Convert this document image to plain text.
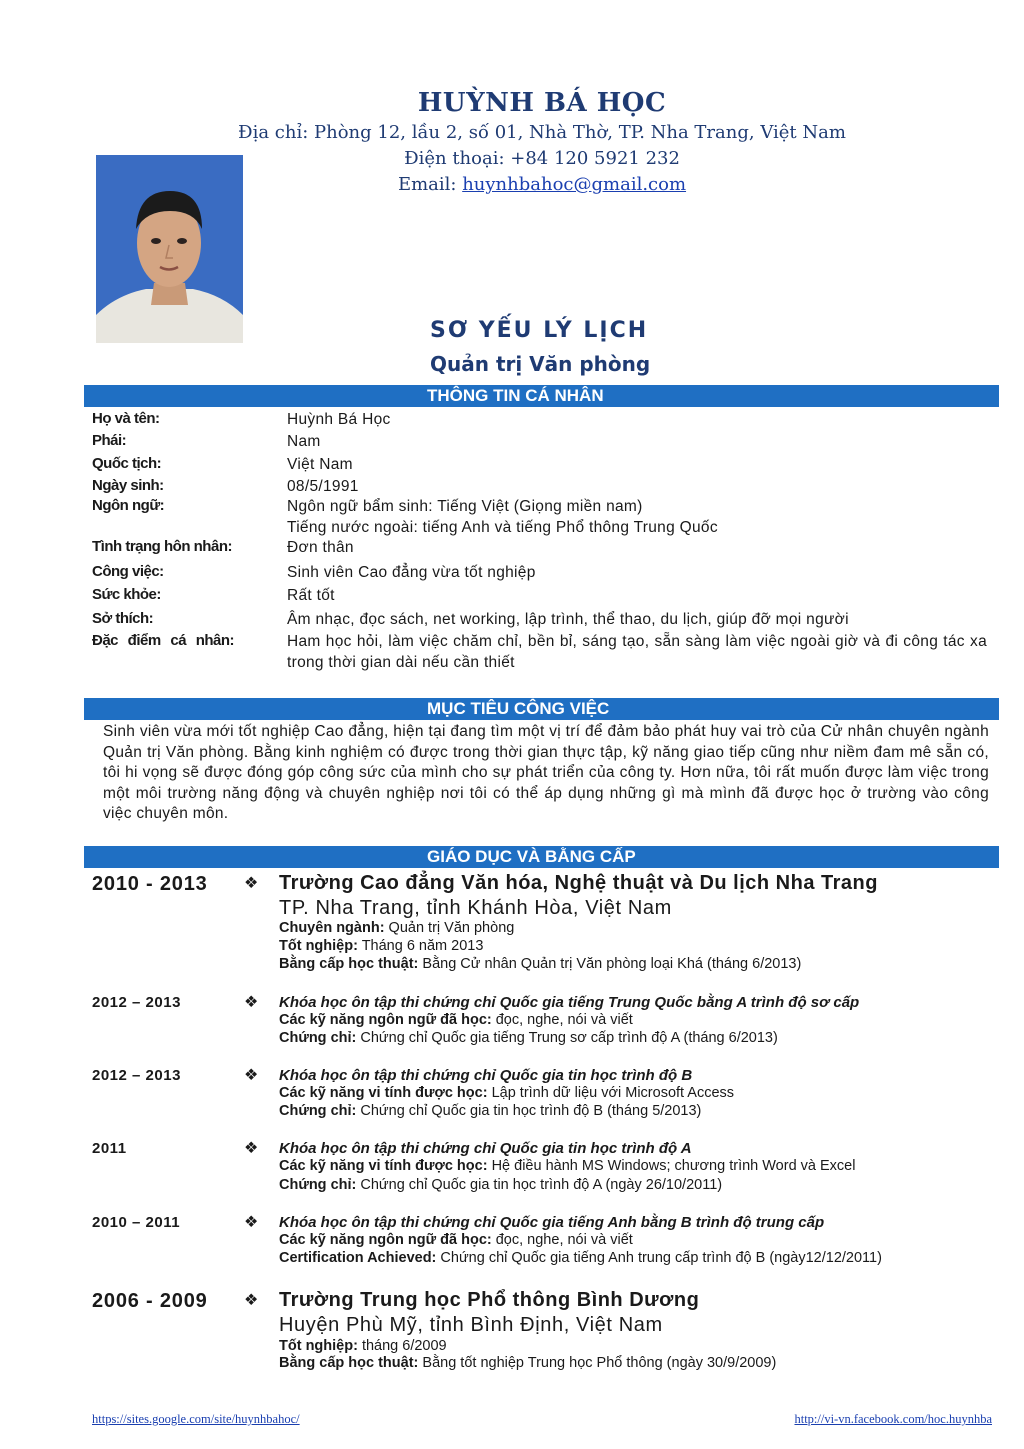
HUỲNH BÁ HỌC
Địa chỉ: Phòng 12, lầu 2, số 01, Nhà Thờ, TP. Nha Trang, Việt Nam
Điện thoại: +84 120 5921 232
Email: huynhbahoc@gmail.com
SƠ YẾU LÝ LỊCH
Quản trị Văn phòng
THÔNG TIN CÁ NHÂN
Họ và tên:	Huỳnh Bá Học
Phái:	Nam
Quốc tịch:	Việt Nam
Ngày sinh:	08/5/1991
Ngôn ngữ:	Ngôn ngữ bẩm sinh: Tiếng Việt (Giọng miền nam)
Tiếng nước ngoài: tiếng Anh và tiếng Phổ thông Trung Quốc
Tình trạng hôn nhân:	Đơn thân
Công việc:	Sinh viên Cao đẳng vừa tốt nghiệp
Sức khỏe:	Rất tốt
Sở thích:	Âm nhạc, đọc sách, net working, lập trình, thể thao, du lịch, giúp đỡ mọi người
Đặc điểm cá nhân:	Ham học hỏi, làm việc chăm chỉ, bền bỉ, sáng tạo, sẵn sàng làm việc ngoài giờ và đi công tác xa trong thời gian dài nếu cần thiết
MỤC TIÊU CÔNG VIỆC
Sinh viên vừa mới tốt nghiệp Cao đẳng, hiện tại đang tìm một vị trí để đảm bảo phát huy vai trò của Cử nhân chuyên ngành Quản trị Văn phòng. Bằng kinh nghiệm có được trong thời gian thực tập, kỹ năng giao tiếp cũng như niềm đam mê sẵn có, tôi hi vọng sẽ được đóng góp công sức của mình cho sự phát triển của công ty. Hơn nữa, tôi rất muốn được làm việc trong một môi trường năng động và chuyên nghiệp nơi tôi có thể áp dụng những gì mà mình đã được học ở trường vào công việc chuyên môn.
GIÁO DỤC VÀ BẰNG CẤP
2010 - 2013 ❖ Trường Cao đẳng Văn hóa, Nghệ thuật và Du lịch Nha Trang
TP. Nha Trang, tỉnh Khánh Hòa, Việt Nam
Chuyên ngành: Quản trị Văn phòng
Tốt nghiệp: Tháng 6 năm 2013
Bằng cấp học thuật: Bằng Cử nhân Quản trị Văn phòng loại Khá (tháng 6/2013)
2012 – 2013	❖ Khóa học ôn tập thi chứng chỉ Quốc gia tiếng Trung Quốc bằng A trình độ sơ cấp
Các kỹ năng ngôn ngữ đã học: đọc, nghe, nói và viết
Chứng chỉ: Chứng chỉ Quốc gia tiếng Trung sơ cấp trình độ A (tháng 6/2013)
2012 – 2013	❖ Khóa học ôn tập thi chứng chỉ Quốc gia tin học trình độ B
Các kỹ năng vi tính được học: Lập trình dữ liệu với Microsoft Access
Chứng chỉ: Chứng chỉ Quốc gia tin học trình độ B (tháng 5/2013)
2011	❖ Khóa học ôn tập thi chứng chỉ Quốc gia tin học trình độ A
Các kỹ năng vi tính được học: Hệ điều hành MS Windows; chương trình Word và Excel
Chứng chỉ: Chứng chỉ Quốc gia tin học trình độ A (ngày 26/10/2011)
2010 – 2011	❖ Khóa học ôn tập thi chứng chỉ Quốc gia tiếng Anh bằng B trình độ trung cấp
Các kỹ năng ngôn ngữ đã học: đọc, nghe, nói và viết
Certification Achieved: Chứng chỉ Quốc gia tiếng Anh trung cấp trình độ B (ngày12/12/2011)
2006 - 2009 ❖ Trường Trung học Phổ thông Bình Dương
Huyện Phù Mỹ, tỉnh Bình Định, Việt Nam
Tốt nghiệp: tháng 6/2009
Bằng cấp học thuật: Bằng tốt nghiệp Trung học Phổ thông (ngày 30/9/2009)
https://sites.google.com/site/huynhbahoc/	http://vi-vn.facebook.com/hoc.huynhba
